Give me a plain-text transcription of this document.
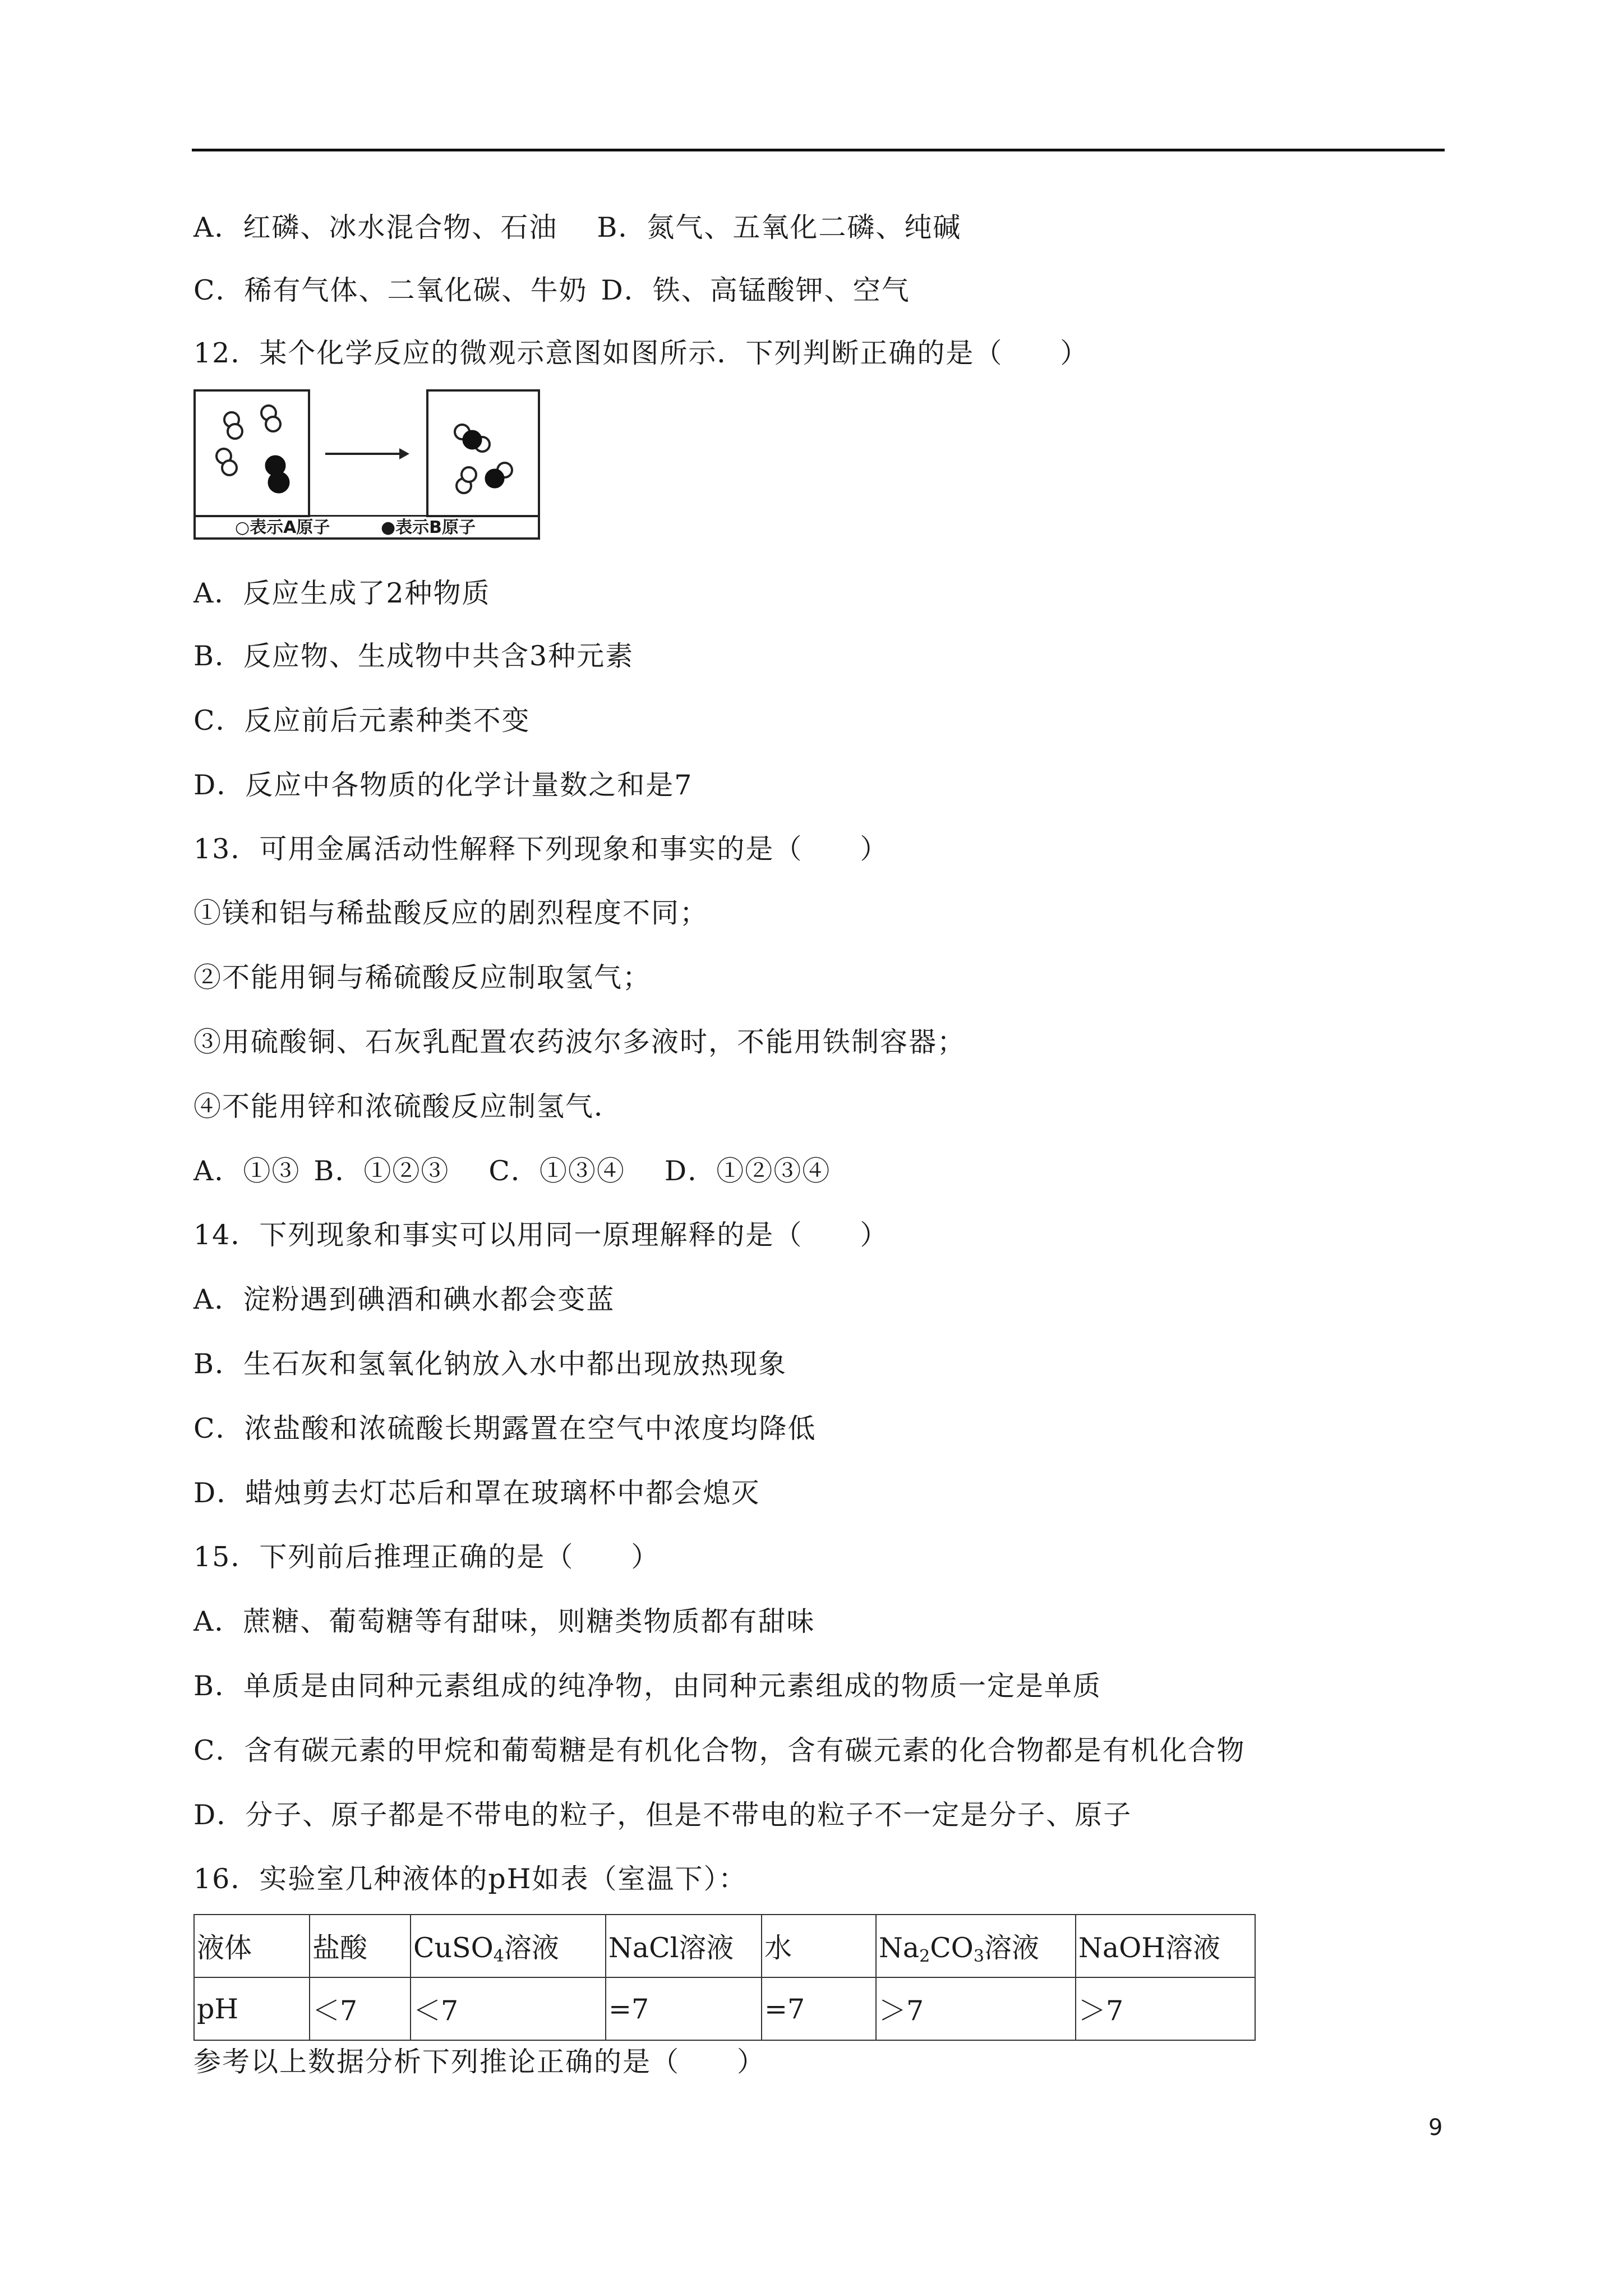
A．红磷、冰水混合物、石油 B．氮气、五氧化二磷、纯碱
C．稀有气体、二氧化碳、牛奶 D．铁、高锰酸钾、空气
12．某个化学反应的微观示意图如图所示．下列判断正确的是（　　）
○表示A原子	●表示B原子
A．反应生成了2种物质
B．反应物、生成物中共含3种元素
C．反应前后元素种类不变
D．反应中各物质的化学计量数之和是7
13．可用金属活动性解释下列现象和事实的是（　　）
①镁和铝与稀盐酸反应的剧烈程度不同；
②不能用铜与稀硫酸反应制取氢气；
③用硫酸铜、石灰乳配置农药波尔多液时，不能用铁制容器；
④不能用锌和浓硫酸反应制氢气．
A．①③ B．①②③ C．①③④ D．①②③④
14．下列现象和事实可以用同一原理解释的是（　　）
A．淀粉遇到碘酒和碘水都会变蓝
B．生石灰和氢氧化钠放入水中都出现放热现象
C．浓盐酸和浓硫酸长期露置在空气中浓度均降低
D．蜡烛剪去灯芯后和罩在玻璃杯中都会熄灭
15．下列前后推理正确的是（　　）
A．蔗糖、葡萄糖等有甜味，则糖类物质都有甜味
B．单质是由同种元素组成的纯净物，由同种元素组成的物质一定是单质
C．含有碳元素的甲烷和葡萄糖是有机化合物，含有碳元素的化合物都是有机化合物
D．分子、原子都是不带电的粒子，但是不带电的粒子不一定是分子、原子
16．实验室几种液体的pH如表（室温下）：
液体	盐酸	CuSO$_4$溶液	NaCl溶液	水	$Na_2CO_3$溶液	NaOH溶液
pH	＜7	＜7	=7	=7	＞7	＞7
参考以上数据分析下列推论正确的是（　　）
9
